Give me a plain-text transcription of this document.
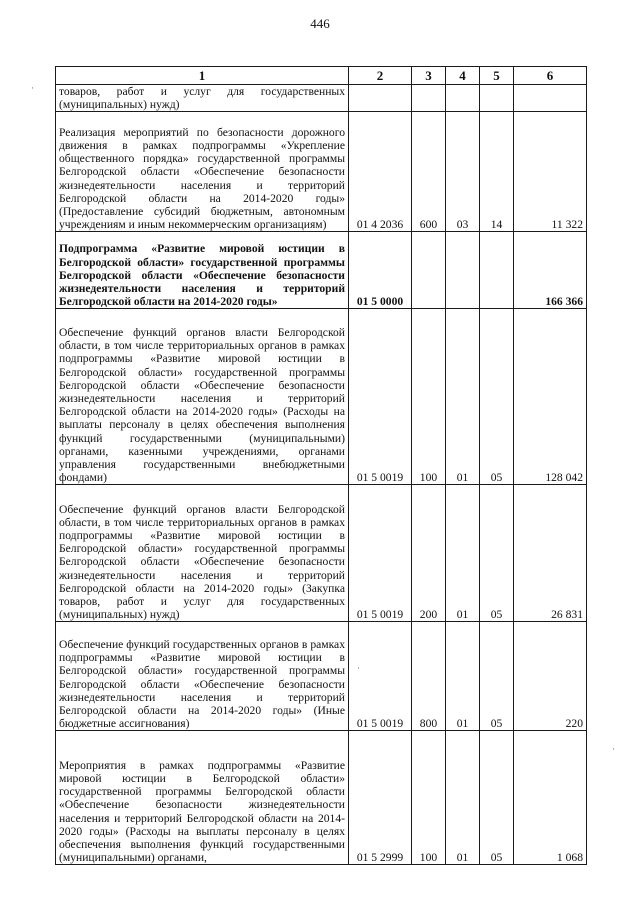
446
·
·
·
1	2	3	4	5	6
товаров, работ и услуг для государственных (муниципальных) нужд)					
Реализация мероприятий по безопасности дорожного движения в рамках подпрограммы «Укрепление общественного порядка» государственной программы Белгородской области «Обеспечение безопасности жизнедеятельности населения и территорий Белгородской области на 2014-2020 годы» (Предоставление субсидий бюджетным, автономным учреждениям и иным некоммерческим организациям)	01 4 2036	600	03	14	11 322
Подпрограмма «Развитие мировой юстиции в Белгородской области» государственной программы Белгородской области «Обеспечение безопасности жизнедеятельности населения и территорий Белгородской области на 2014-2020 годы»	01 5 0000				166 366
Обеспечение функций органов власти Белгородской области, в том числе территориальных органов в рамках подпрограммы «Развитие мировой юстиции в Белгородской области» государственной программы Белгородской области «Обеспечение безопасности жизнедеятельности населения и территорий Белгородской области на 2014-2020 годы» (Расходы на выплаты персоналу в целях обеспечения выполнения функций государственными (муниципальными) органами, казенными учреждениями, органами управления государственными внебюджетными фондами)	01 5 0019	100	01	05	128 042
Обеспечение функций органов власти Белгородской области, в том числе территориальных органов в рамках подпрограммы «Развитие мировой юстиции в Белгородской области» государственной программы Белгородской области «Обеспечение безопасности жизнедеятельности населения и территорий Белгородской области на 2014-2020 годы» (Закупка товаров, работ и услуг для государственных (муниципальных) нужд)	01 5 0019	200	01	05	26 831
Обеспечение функций государственных органов в рамках подпрограммы «Развитие мировой юстиции в Белгородской области» государственной программы Белгородской области «Обеспечение безопасности жизнедеятельности населения и территорий Белгородской области на 2014-2020 годы» (Иные бюджетные ассигнования)	01 5 0019	800	01	05	220
Мероприятия в рамках подпрограммы «Развитие мировой юстиции в Белгородской области» государственной программы Белгородской области «Обеспечение безопасности жизнедеятельности населения и территорий Белгородской области на 2014-2020 годы» (Расходы на выплаты персоналу в целях обеспечения выполнения функций государственными (муниципальными) органами,	01 5 2999	100	01	05	1 068
